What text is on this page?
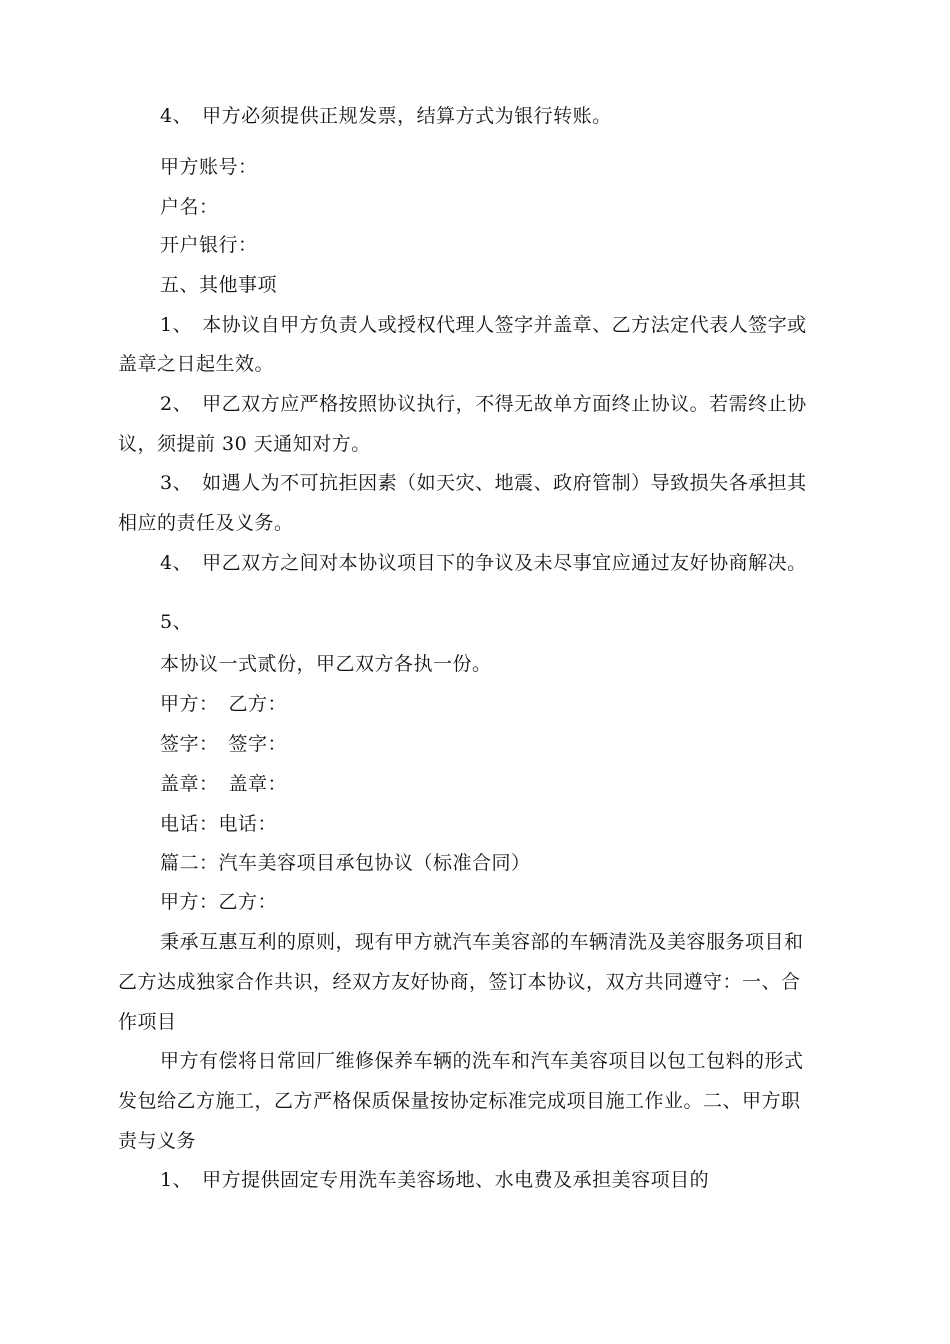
4、　甲方必须提供正规发票，结算方式为银行转账。
甲方账号：
户名：
开户银行：
五、其他事项
1、　本协议自甲方负责人或授权代理人签字并盖章、乙方法定代表人签字或
盖章之日起生效。
2、　甲乙双方应严格按照协议执行，不得无故单方面终止协议。若需终止协
议，须提前 30 天通知对方。
3、　如遇人为不可抗拒因素（如天灾、地震、政府管制）导致损失各承担其
相应的责任及义务。
4、　甲乙双方之间对本协议项目下的争议及未尽事宜应通过友好协商解决。
5、
本协议一式贰份，甲乙双方各执一份。
甲方：　乙方：
签字：　签字：
盖章：　盖章：
电话：电话：
篇二：汽车美容项目承包协议（标准合同）
甲方：乙方：
秉承互惠互利的原则，现有甲方就汽车美容部的车辆清洗及美容服务项目和
乙方达成独家合作共识，经双方友好协商，签订本协议，双方共同遵守：一、合
作项目
甲方有偿将日常回厂维修保养车辆的洗车和汽车美容项目以包工包料的形式
发包给乙方施工，乙方严格保质保量按协定标准完成项目施工作业。二、甲方职
责与义务
1、　甲方提供固定专用洗车美容场地、水电费及承担美容项目的
